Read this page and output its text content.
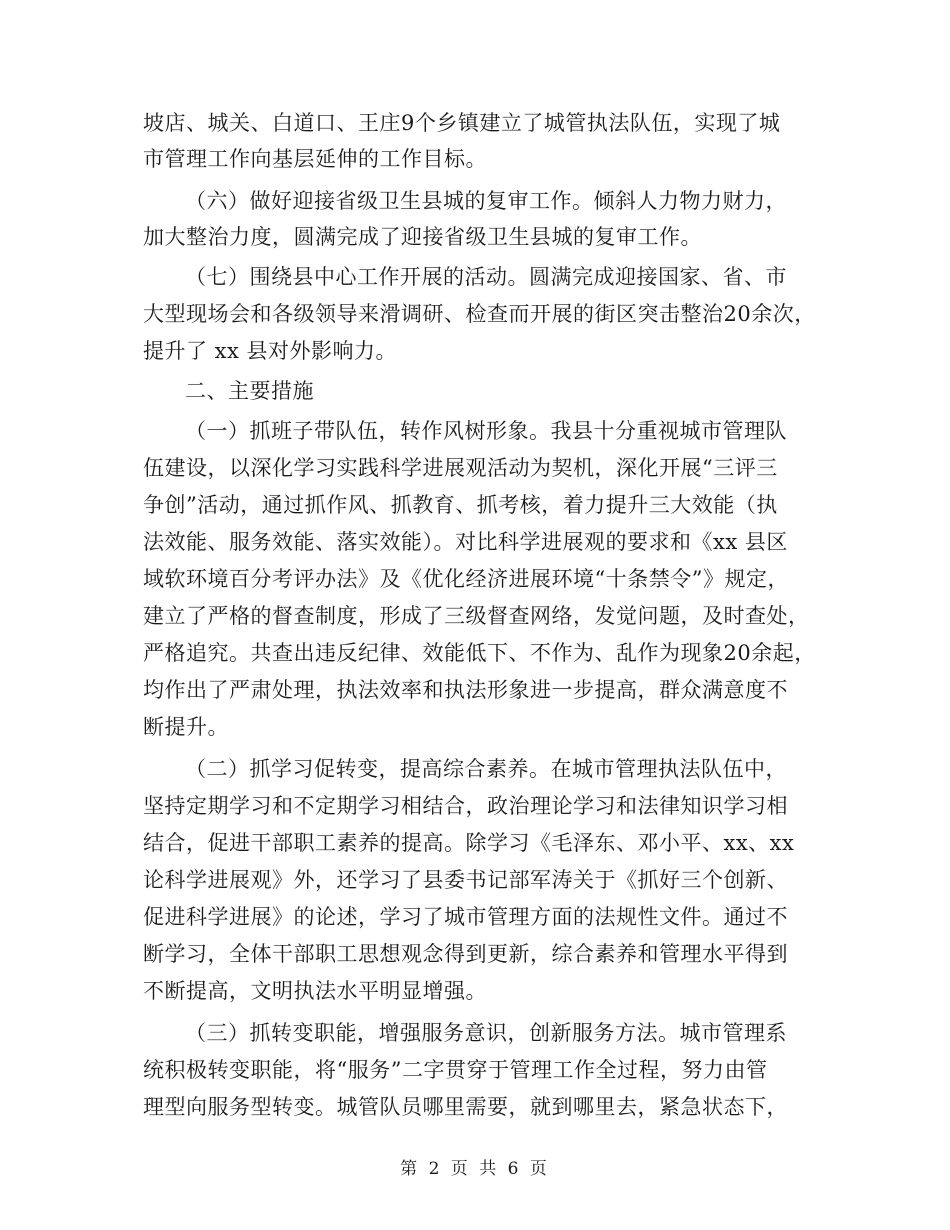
坡店、城关、白道口、王庄9个乡镇建立了城管执法队伍，实现了城
市管理工作向基层延伸的工作目标。
（六）做好迎接省级卫生县城的复审工作。倾斜人力物力财力，
加大整治力度，圆满完成了迎接省级卫生县城的复审工作。
（七）围绕县中心工作开展的活动。圆满完成迎接国家、省、市
大型现场会和各级领导来滑调研、检查而开展的街区突击整治20余次，
提升了 xx 县对外影响力。
二、主要措施
（一）抓班子带队伍，转作风树形象。我县十分重视城市管理队
伍建设，以深化学习实践科学进展观活动为契机，深化开展“三评三
争创”活动，通过抓作风、抓教育、抓考核，着力提升三大效能（执
法效能、服务效能、落实效能）。对比科学进展观的要求和《xx 县区
域软环境百分考评办法》及《优化经济进展环境“十条禁令”》规定，
建立了严格的督查制度，形成了三级督查网络，发觉问题，及时查处，
严格追究。共查出违反纪律、效能低下、不作为、乱作为现象20余起，
均作出了严肃处理，执法效率和执法形象进一步提高，群众满意度不
断提升。
（二）抓学习促转变，提高综合素养。在城市管理执法队伍中，
坚持定期学习和不定期学习相结合，政治理论学习和法律知识学习相
结合，促进干部职工素养的提高。除学习《毛泽东、邓小平、xx、xx
论科学进展观》外，还学习了县委书记部军涛关于《抓好三个创新、
促进科学进展》的论述，学习了城市管理方面的法规性文件。通过不
断学习，全体干部职工思想观念得到更新，综合素养和管理水平得到
不断提高，文明执法水平明显增强。
（三）抓转变职能，增强服务意识，创新服务方法。城市管理系
统积极转变职能，将“服务”二字贯穿于管理工作全过程，努力由管
理型向服务型转变。城管队员哪里需要，就到哪里去，紧急状态下，
第 2 页 共 6 页
